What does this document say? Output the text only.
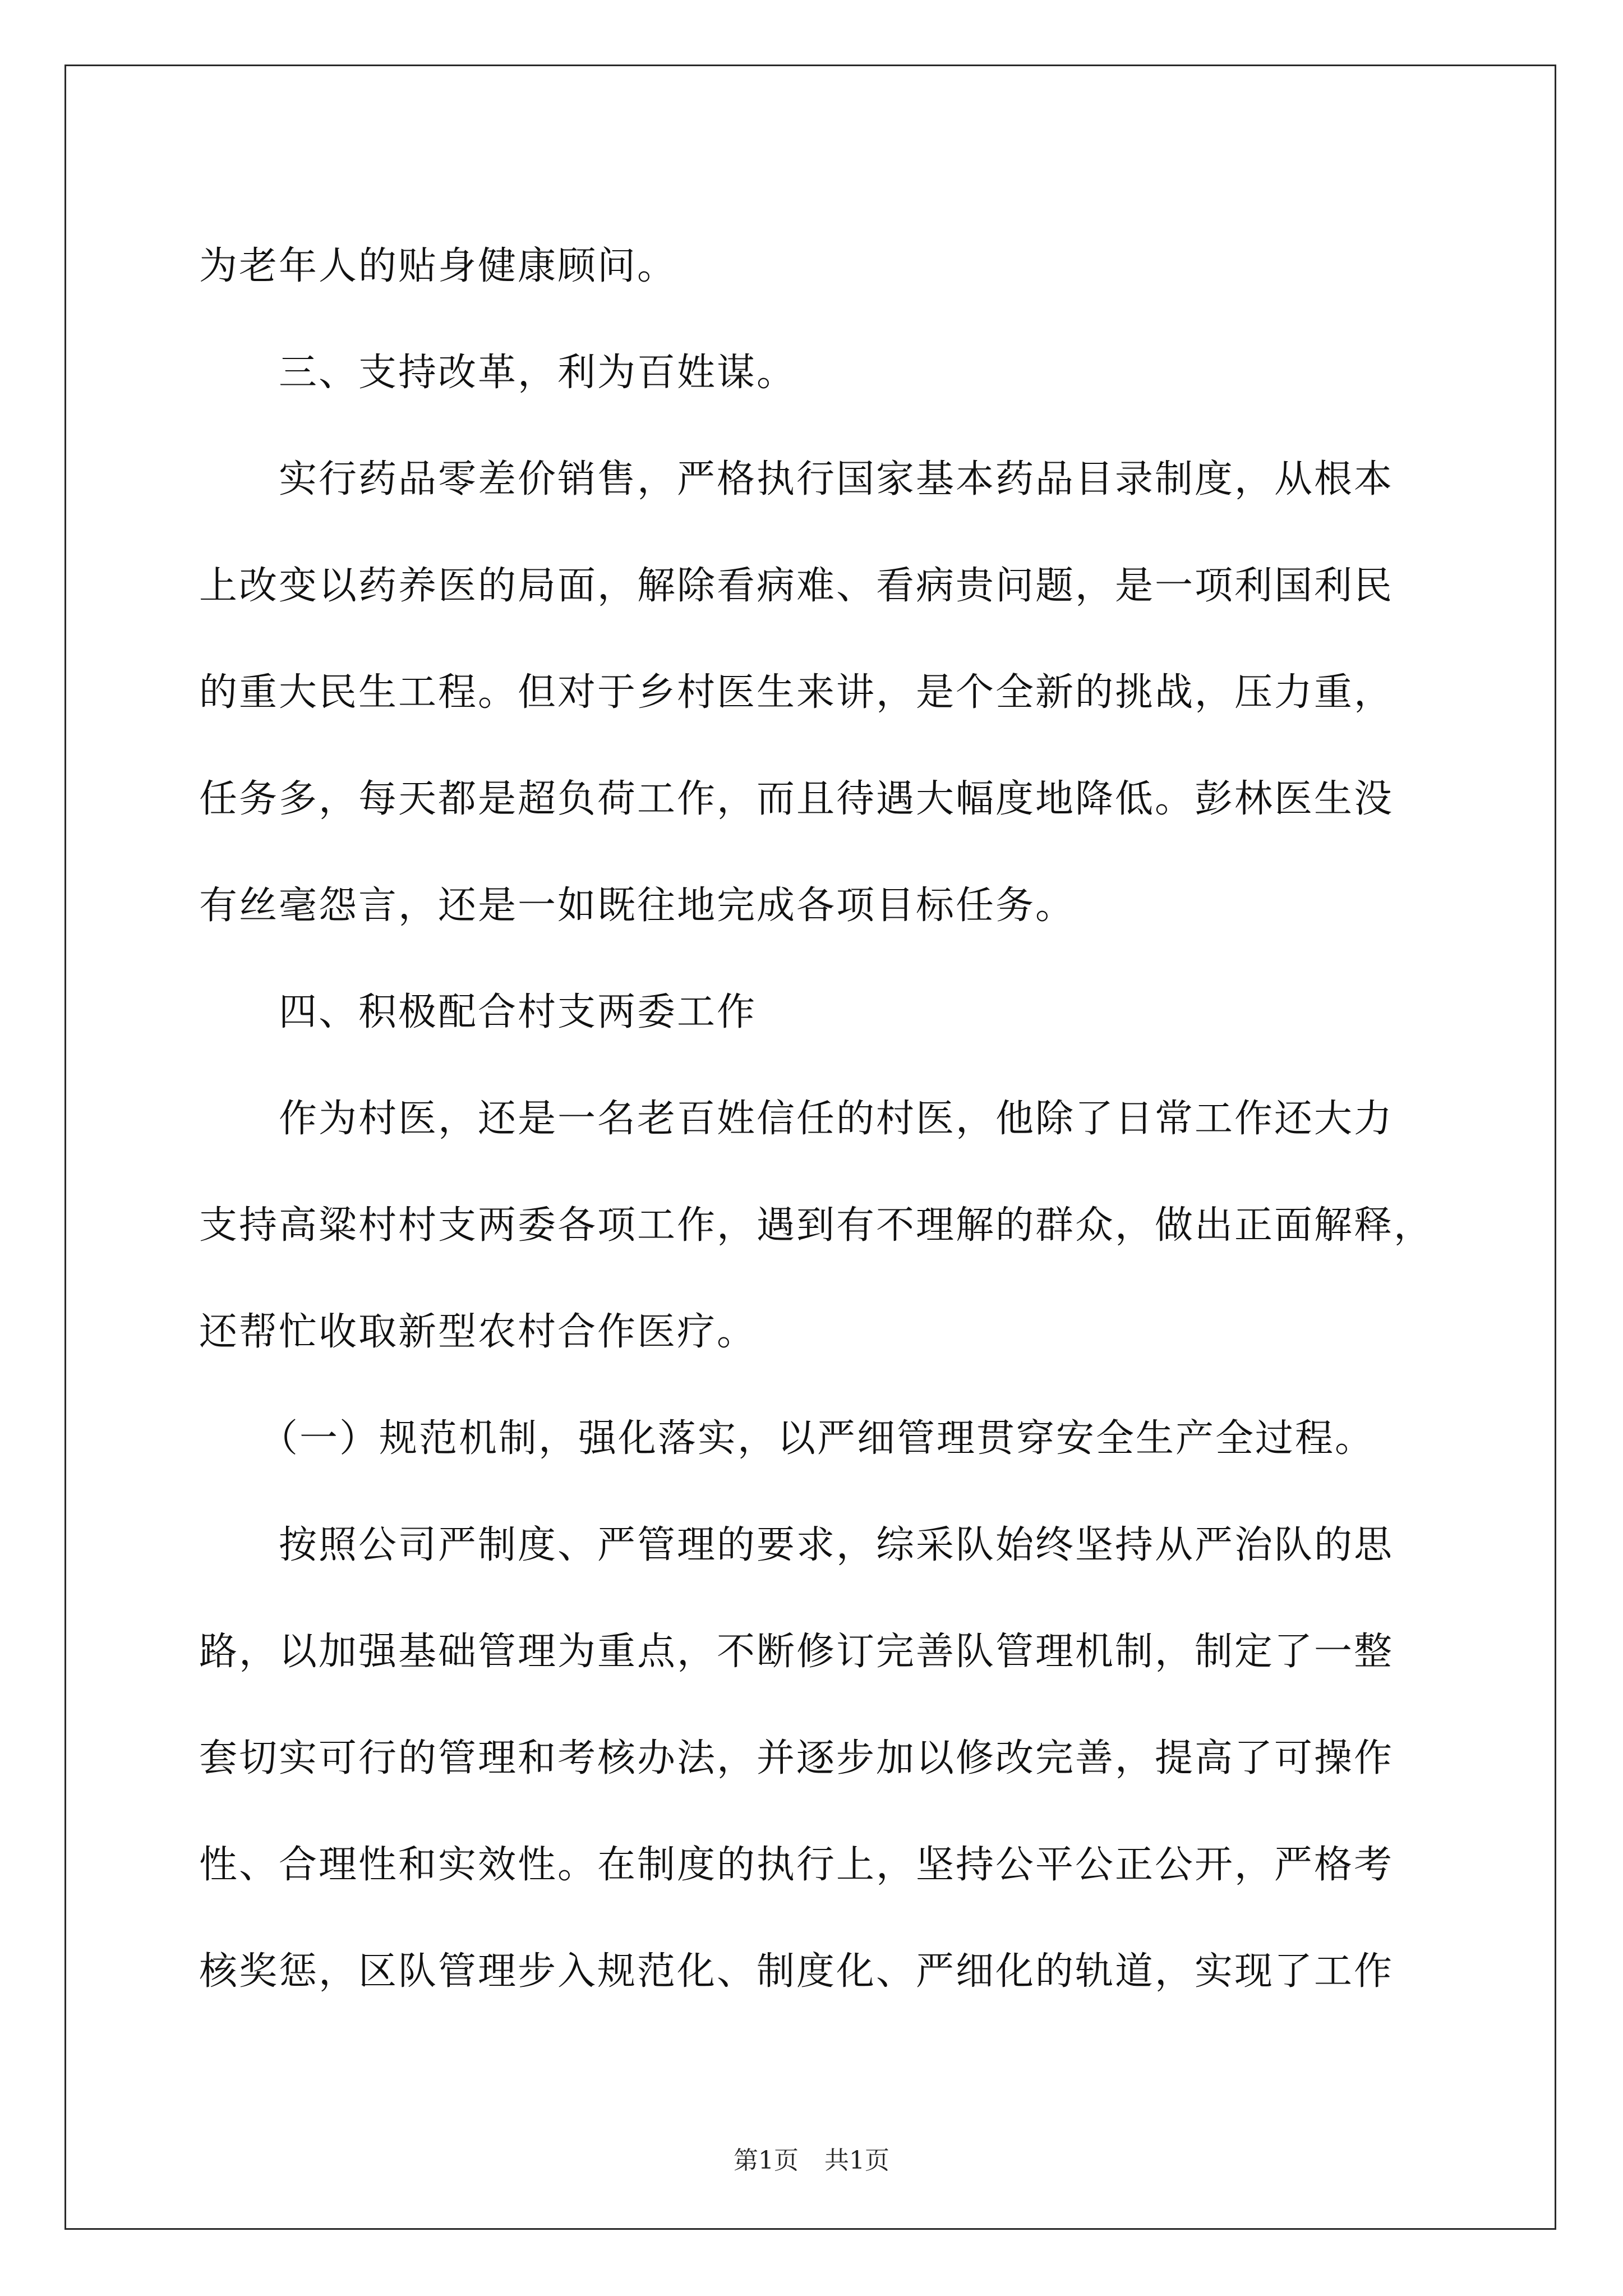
为老年人的贴身健康顾问。
　　三、支持改革，利为百姓谋。
　　实行药品零差价销售，严格执行国家基本药品目录制度，从根本
上改变以药养医的局面，解除看病难、看病贵问题，是一项利国利民
的重大民生工程。但对于乡村医生来讲，是个全新的挑战，压力重，
任务多，每天都是超负荷工作，而且待遇大幅度地降低。彭林医生没
有丝毫怨言，还是一如既往地完成各项目标任务。
　　四、积极配合村支两委工作
　　作为村医，还是一名老百姓信任的村医，他除了日常工作还大力
支持高粱村村支两委各项工作，遇到有不理解的群众，做出正面解释，
还帮忙收取新型农村合作医疗。
　　（一）规范机制，强化落实，以严细管理贯穿安全生产全过程。
　　按照公司严制度、严管理的要求，综采队始终坚持从严治队的思
路，以加强基础管理为重点，不断修订完善队管理机制，制定了一整
套切实可行的管理和考核办法，并逐步加以修改完善，提高了可操作
性、合理性和实效性。在制度的执行上，坚持公平公正公开，严格考
核奖惩，区队管理步入规范化、制度化、严细化的轨道，实现了工作
第1页 共1页
